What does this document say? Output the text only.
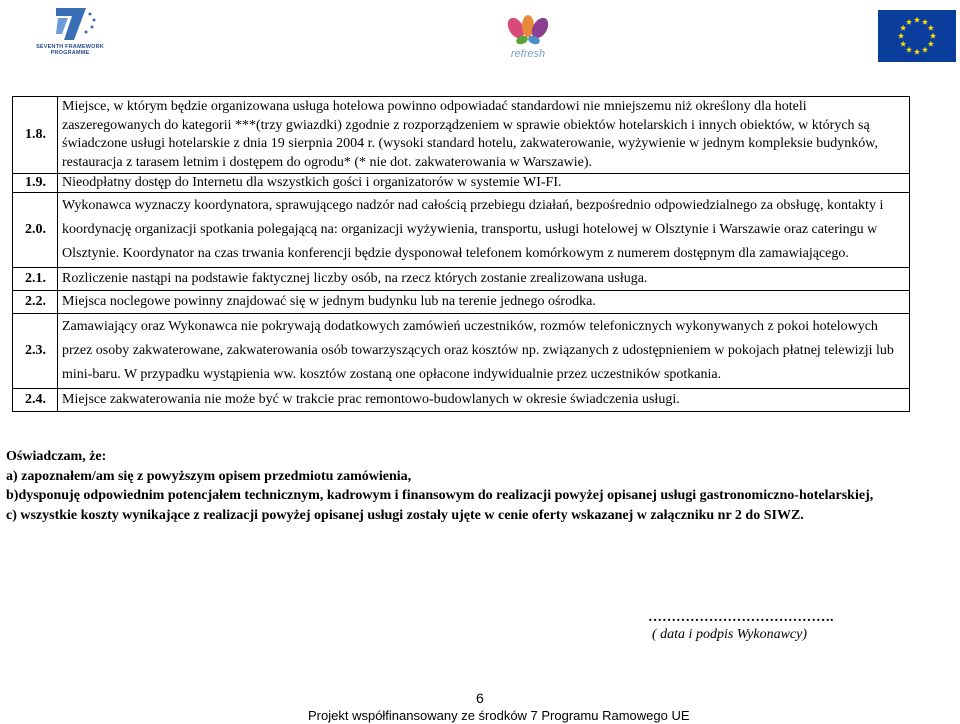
SEVENTH FRAMEWORK PROGRAMME	refresh
1.8.	Miejsce, w którym będzie organizowana usługa hotelowa powinno odpowiadać standardowi nie mniejszemu niż określony dla hoteli zaszeregowanych do kategorii ***(trzy gwiazdki) zgodnie z rozporządzeniem w sprawie obiektów hotelarskich i innych obiektów, w których są świadczone usługi hotelarskie z dnia 19 sierpnia 2004 r. (wysoki standard hotelu, zakwaterowanie, wyżywienie w jednym kompleksie budynków, restauracja z tarasem letnim i dostępem do ogrodu* (* nie dot. zakwaterowania w Warszawie).
1.9.	Nieodpłatny dostęp do Internetu dla wszystkich gości i organizatorów w systemie WI-FI.
2.0.	Wykonawca wyznaczy koordynatora, sprawującego nadzór nad całością przebiegu działań, bezpośrednio odpowiedzialnego za obsługę, kontakty i koordynację organizacji spotkania polegającą na: organizacji wyżywienia, transportu, usługi hotelowej w Olsztynie i Warszawie oraz cateringu w Olsztynie. Koordynator na czas trwania konferencji będzie dysponował telefonem komórkowym z numerem dostępnym dla zamawiającego.
2.1.	Rozliczenie nastąpi na podstawie faktycznej liczby osób, na rzecz których zostanie zrealizowana usługa.
2.2.	Miejsca noclegowe powinny znajdować się w jednym budynku lub na terenie jednego ośrodka.
2.3.	Zamawiający oraz Wykonawca nie pokrywają dodatkowych zamówień uczestników, rozmów telefonicznych wykonywanych z pokoi hotelowych przez osoby zakwaterowane, zakwaterowania osób towarzyszących oraz kosztów np. związanych z udostępnieniem w pokojach płatnej telewizji lub mini-baru. W przypadku wystąpienia ww. kosztów zostaną one opłacone indywidualnie przez uczestników spotkania.
2.4.	Miejsce zakwaterowania nie może być w trakcie prac remontowo-budowlanych w okresie świadczenia usługi.
Oświadczam, że:
a) zapoznałem/am się z powyższym opisem przedmiotu zamówienia,
b)dysponuję odpowiednim potencjałem technicznym, kadrowym i finansowym do realizacji powyżej opisanej usługi gastronomiczno-hotelarskiej,
c) wszystkie koszty wynikające z realizacji powyżej opisanej usługi zostały ujęte w cenie oferty wskazanej w załączniku nr 2 do SIWZ.
………………………………….
( data i podpis Wykonawcy)
6
Projekt współfinansowany ze środków 7 Programu Ramowego UE
